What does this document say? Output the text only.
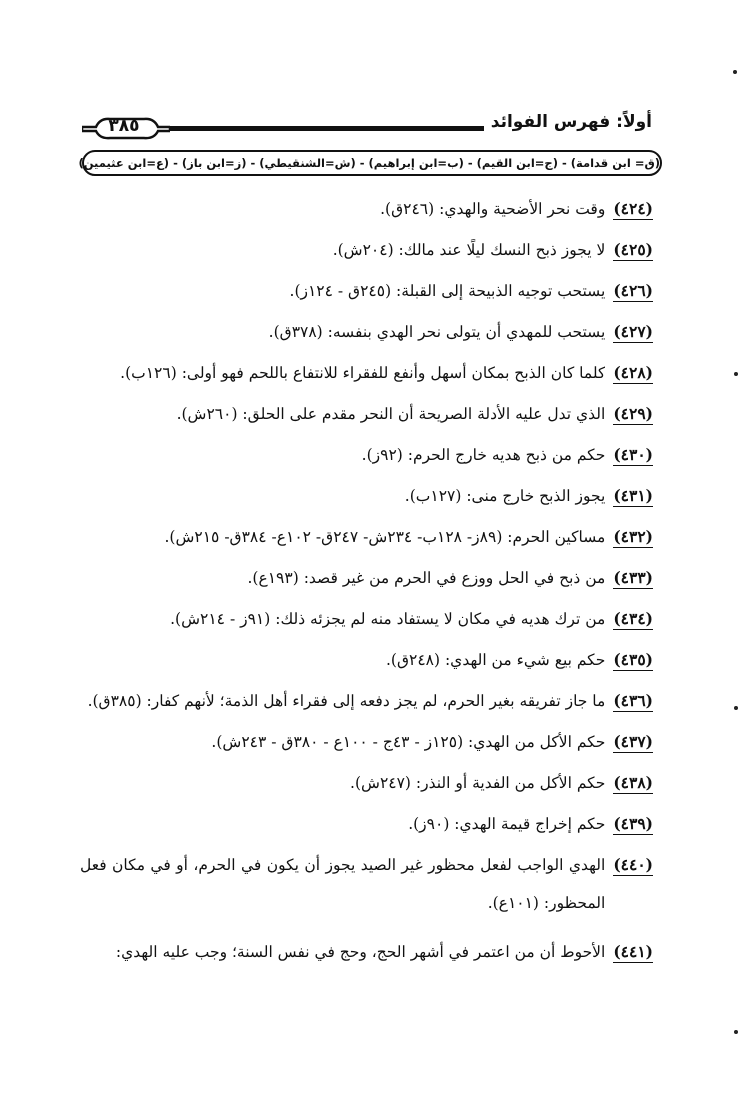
أولاً: فهرس الفوائد
٣٨٥
(ق= ابن قدامة) - (ج=ابن القيم) - (ب=ابن إبراهيم) - (ش=الشنقيطي) - (ز=ابن باز) - (ع=ابن عثيمين)
(٤٢٤)
وقت نحر الأضحية والهدي: (٢٤٦ق).
(٤٢٥)
لا يجوز ذبح النسك ليلًا عند مالك: (٢٠٤ش).
(٤٢٦)
يستحب توجيه الذبيحة إلى القبلة: (٢٤٥ق - ١٢٤ز).
(٤٢٧)
يستحب للمهدي أن يتولى نحر الهدي بنفسه: (٣٧٨ق).
(٤٢٨)
كلما كان الذبح بمكان أسهل وأنفع للفقراء للانتفاع باللحم فهو أولى: (١٢٦ب).
(٤٢٩)
الذي تدل عليه الأدلة الصريحة أن النحر مقدم على الحلق: (٢٦٠ش).
(٤٣٠)
حكم من ذبح هديه خارج الحرم: (٩٢ز).
(٤٣١)
يجوز الذبح خارج منى: (١٢٧ب).
(٤٣٢)
مساكين الحرم: (٨٩ز- ١٢٨ب- ٢٣٤ش- ٢٤٧ق- ١٠٢ع- ٣٨٤ق- ٢١٥ش).
(٤٣٣)
من ذبح في الحل ووزع في الحرم من غير قصد: (١٩٣ع).
(٤٣٤)
من ترك هديه في مكان لا يستفاد منه لم يجزئه ذلك: (٩١ز - ٢١٤ش).
(٤٣٥)
حكم بيع شيء من الهدي: (٢٤٨ق).
(٤٣٦)
ما جاز تفريقه بغير الحرم، لم يجز دفعه إلى فقراء أهل الذمة؛ لأنهم كفار: (٣٨٥ق).
(٤٣٧)
حكم الأكل من الهدي: (١٢٥ز - ٤٣ج - ١٠٠ع - ٣٨٠ق - ٢٤٣ش).
(٤٣٨)
حكم الأكل من الفدية أو النذر: (٢٤٧ش).
(٤٣٩)
حكم إخراج قيمة الهدي: (٩٠ز).
(٤٤٠)
الهدي الواجب لفعل محظور غير الصيد يجوز أن يكون في الحرم، أو في مكان فعل المحظور: (١٠١ع).
(٤٤١)
الأحوط أن من اعتمر في أشهر الحج، وحج في نفس السنة؛ وجب عليه الهدي:
